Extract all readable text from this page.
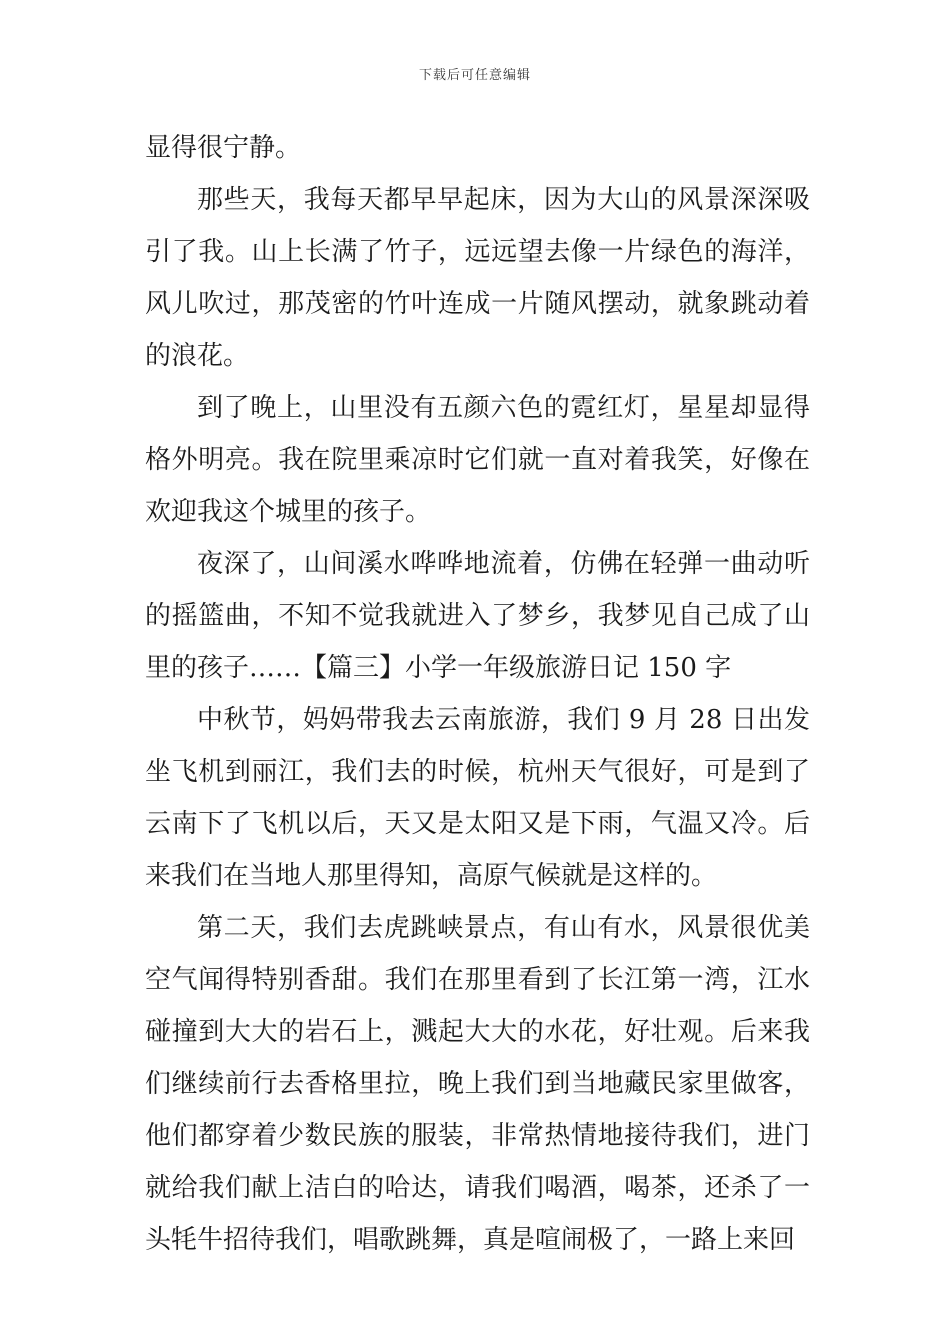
下载后可任意编辑

显得很宁静。

那些天，我每天都早早起床，因为大山的风景深深吸引了我。山上长满了竹子，远远望去像一片绿色的海洋，风儿吹过，那茂密的竹叶连成一片随风摆动，就象跳动着的浪花。

到了晚上，山里没有五颜六色的霓红灯，星星却显得格外明亮。我在院里乘凉时它们就一直对着我笑，好像在欢迎我这个城里的孩子。

夜深了，山间溪水哗哗地流着，仿佛在轻弹一曲动听的摇篮曲，不知不觉我就进入了梦乡，我梦见自己成了山里的孩子……【篇三】小学一年级旅游日记 150 字

中秋节，妈妈带我去云南旅游，我们 9 月 28 日出发坐飞机到丽江，我们去的时候，杭州天气很好，可是到了云南下了飞机以后，天又是太阳又是下雨，气温又冷。后来我们在当地人那里得知，高原气候就是这样的。

第二天，我们去虎跳峡景点，有山有水，风景很优美空气闻得特别香甜。我们在那里看到了长江第一湾，江水碰撞到大大的岩石上，溅起大大的水花，好壮观。后来我们继续前行去香格里拉，晚上我们到当地藏民家里做客，他们都穿着少数民族的服装，非常热情地接待我们，进门就给我们献上洁白的哈达，请我们喝酒，喝茶，还杀了一头牦牛招待我们，唱歌跳舞，真是喧闹极了，一路上来回
